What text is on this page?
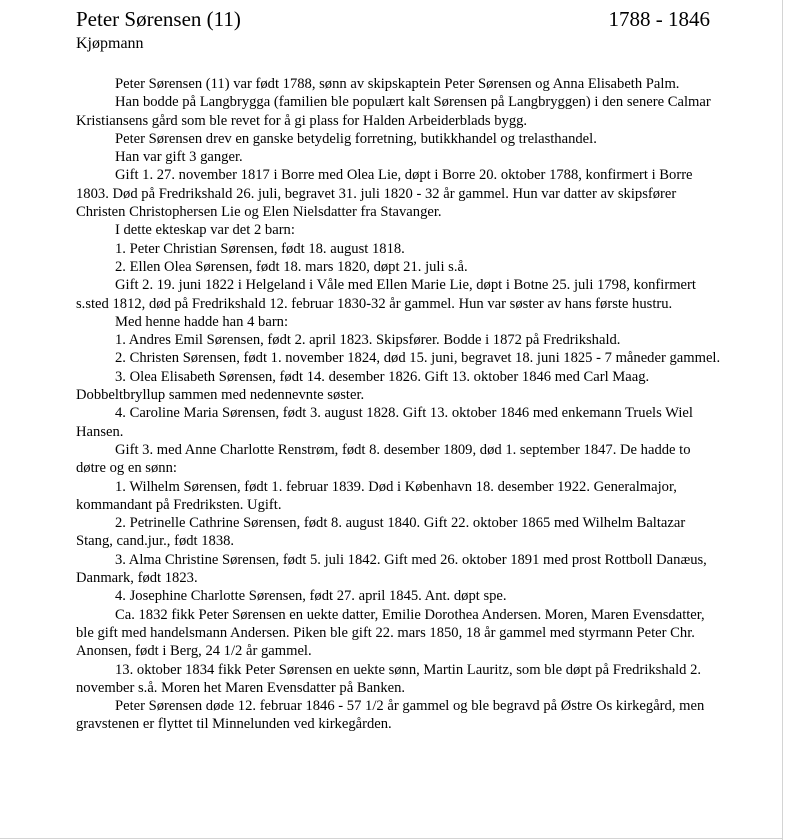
Peter Sørensen (11)	1788 - 1846
Kjøpmann

Peter Sørensen (11) var født 1788, sønn av skipskaptein Peter Sørensen og Anna Elisabeth Palm.

Han bodde på Langbrygga (familien ble populært kalt Sørensen på Langbryggen) i den senere Calmar Kristiansens gård som ble revet for å gi plass for Halden Arbeiderblads bygg.

Peter Sørensen drev en ganske betydelig forretning, butikkhandel og trelasthandel.

Han var gift 3 ganger.

Gift 1. 27. november 1817 i Borre med Olea Lie, døpt i Borre 20. oktober 1788, konfirmert i Borre 1803. Død på Fredrikshald 26. juli, begravet 31. juli 1820 - 32 år gammel. Hun var datter av skipsfører Christen Christophersen Lie og Elen Nielsdatter fra Stavanger.

I dette ekteskap var det 2 barn:

1. Peter Christian Sørensen, født 18. august 1818.

2. Ellen Olea Sørensen, født 18. mars 1820, døpt 21. juli s.å.

Gift 2. 19. juni 1822 i Helgeland i Våle med Ellen Marie Lie, døpt i Botne 25. juli 1798, konfirmert s.sted 1812, død på Fredrikshald 12. februar 1830-32 år gammel. Hun var søster av hans første hustru.

Med henne hadde han 4 barn:

1. Andres Emil Sørensen, født 2. april 1823. Skipsfører. Bodde i 1872 på Fredrikshald.

2. Christen Sørensen, født 1. november 1824, død 15. juni, begravet 18. juni 1825 - 7 måneder gammel.

3. Olea Elisabeth Sørensen, født 14. desember 1826. Gift 13. oktober 1846 med Carl Maag. Dobbeltbryllup sammen med nedennevnte søster.

4. Caroline Maria Sørensen, født 3. august 1828. Gift 13. oktober 1846 med enkemann Truels Wiel Hansen.

Gift 3. med Anne Charlotte Renstrøm, født 8. desember 1809, død 1. september 1847. De hadde to døtre og en sønn:

1. Wilhelm Sørensen, født 1. februar 1839. Død i København 18. desember 1922. Generalmajor, kommandant på Fredriksten. Ugift.

2. Petrinelle Cathrine Sørensen, født 8. august 1840. Gift 22. oktober 1865 med Wilhelm Baltazar Stang, cand.jur., født 1838.

3. Alma Christine Sørensen, født 5. juli 1842. Gift med 26. oktober 1891 med prost Rottboll Danæus, Danmark, født 1823.

4. Josephine Charlotte Sørensen, født 27. april 1845. Ant. døpt spe.

Ca. 1832 fikk Peter Sørensen en uekte datter, Emilie Dorothea Andersen. Moren, Maren Evensdatter, ble gift med handelsmann Andersen. Piken ble gift 22. mars 1850, 18 år gammel med styrmann Peter Chr. Anonsen, født i Berg, 24 1/2 år gammel.

13. oktober 1834 fikk Peter Sørensen en uekte sønn, Martin Lauritz, som ble døpt på Fredrikshald 2. november s.å. Moren het Maren Evensdatter på Banken.

Peter Sørensen døde 12. februar 1846 - 57 1/2 år gammel og ble begravd på Østre Os kirkegård, men gravstenen er flyttet til Minnelunden ved kirkegården.
